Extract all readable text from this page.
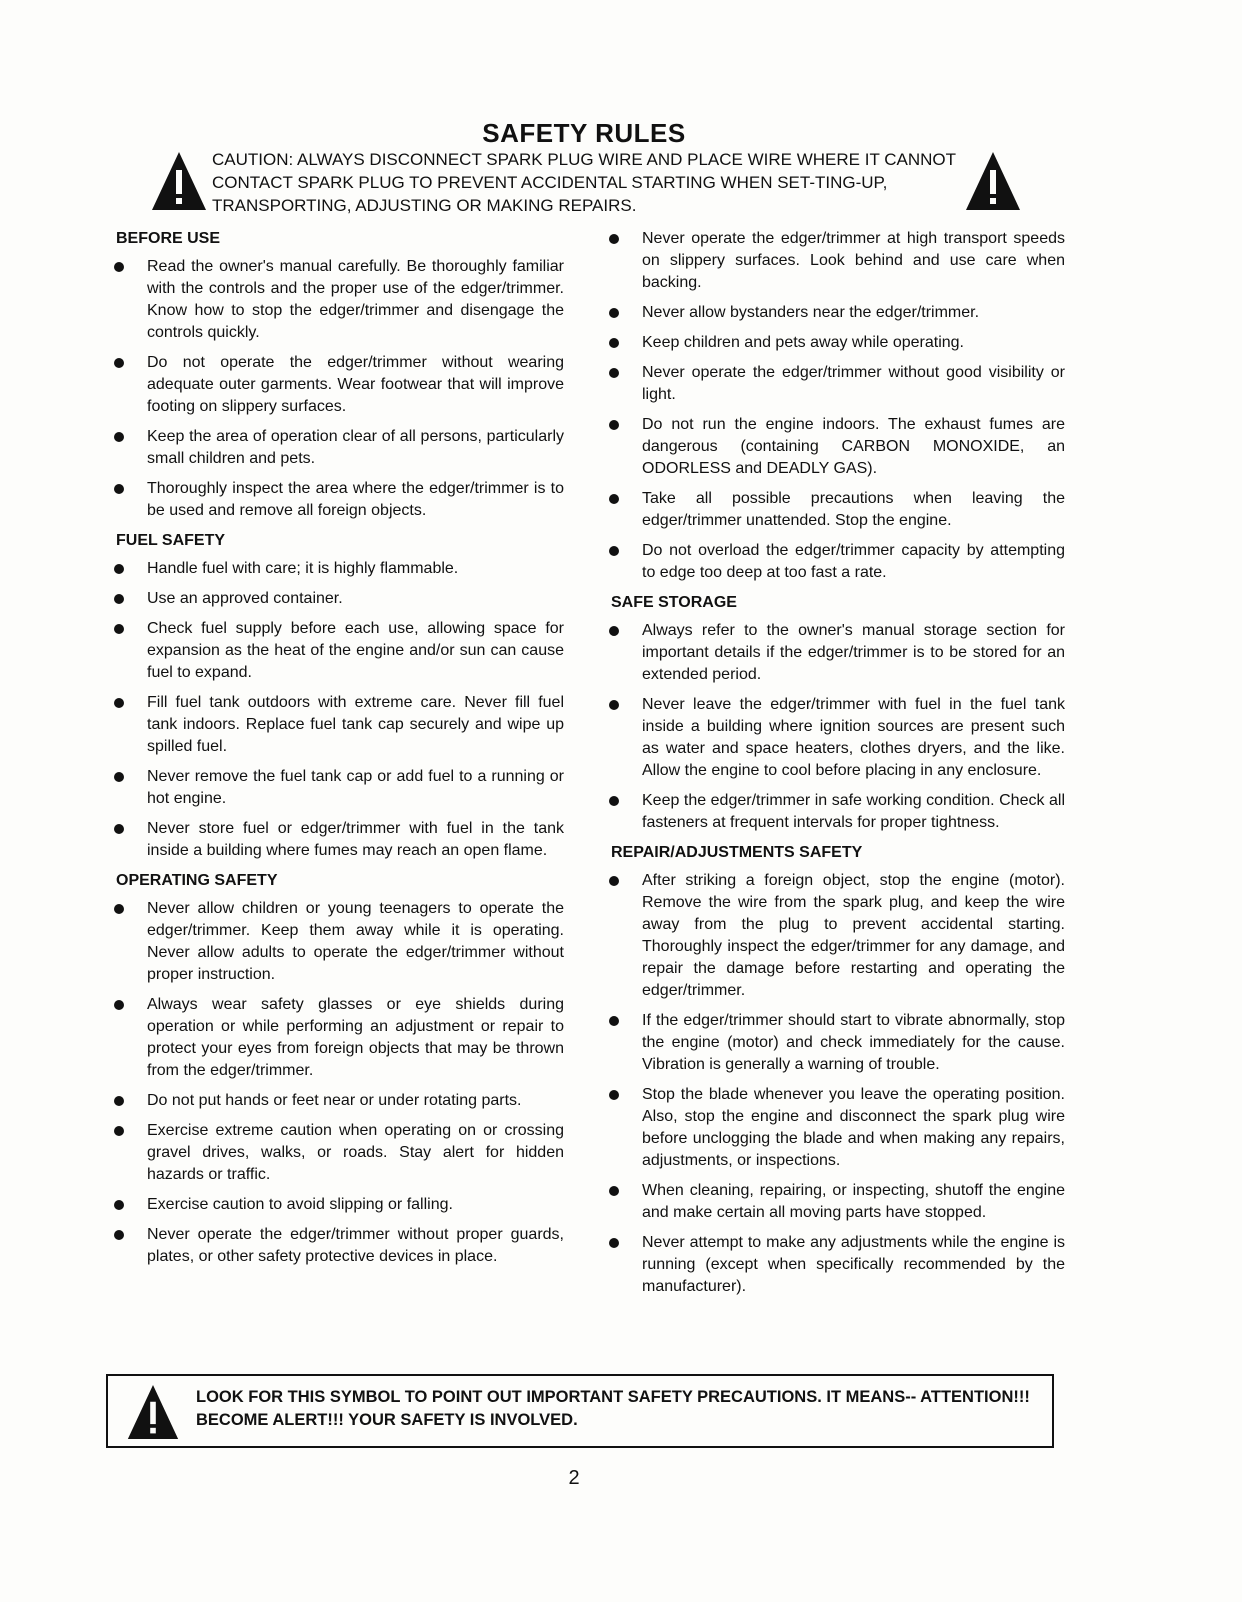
SAFETY RULES
CAUTION: ALWAYS DISCONNECT SPARK PLUG WIRE AND PLACE WIRE WHERE IT CANNOT CONTACT SPARK PLUG TO PREVENT ACCIDENTAL STARTING WHEN SET-TING-UP, TRANSPORTING, ADJUSTING OR MAKING REPAIRS.
BEFORE USE
Read the owner's manual carefully. Be thoroughly familiar with the controls and the proper use of the edger/trimmer. Know how to stop the edger/trimmer and disengage the controls quickly.
Do not operate the edger/trimmer without wearing adequate outer garments. Wear footwear that will improve footing on slippery surfaces.
Keep the area of operation clear of all persons, particularly small children and pets.
Thoroughly inspect the area where the edger/trimmer is to be used and remove all foreign objects.
FUEL SAFETY
Handle fuel with care; it is highly flammable.
Use an approved container.
Check fuel supply before each use, allowing space for expansion as the heat of the engine and/or sun can cause fuel to expand.
Fill fuel tank outdoors with extreme care. Never fill fuel tank indoors. Replace fuel tank cap securely and wipe up spilled fuel.
Never remove the fuel tank cap or add fuel to a running or hot engine.
Never store fuel or edger/trimmer with fuel in the tank inside a building where fumes may reach an open flame.
OPERATING SAFETY
Never allow children or young teenagers to operate the edger/trimmer. Keep them away while it is operating. Never allow adults to operate the edger/trimmer without proper instruction.
Always wear safety glasses or eye shields during operation or while performing an adjustment or repair to protect your eyes from foreign objects that may be thrown from the edger/trimmer.
Do not put hands or feet near or under rotating parts.
Exercise extreme caution when operating on or crossing gravel drives, walks, or roads. Stay alert for hidden hazards or traffic.
Exercise caution to avoid slipping or falling.
Never operate the edger/trimmer without proper guards, plates, or other safety protective devices in place.
Never operate the edger/trimmer at high transport speeds on slippery surfaces. Look behind and use care when backing.
Never allow bystanders near the edger/trimmer.
Keep children and pets away while operating.
Never operate the edger/trimmer without good visibility or light.
Do not run the engine indoors. The exhaust fumes are dangerous (containing CARBON MONOXIDE, an ODORLESS and DEADLY GAS).
Take all possible precautions when leaving the edger/trimmer unattended. Stop the engine.
Do not overload the edger/trimmer capacity by attempting to edge too deep at too fast a rate.
SAFE STORAGE
Always refer to the owner's manual storage section for important details if the edger/trimmer is to be stored for an extended period.
Never leave the edger/trimmer with fuel in the fuel tank inside a building where ignition sources are present such as water and space heaters, clothes dryers, and the like. Allow the engine to cool before placing in any enclosure.
Keep the edger/trimmer in safe working condition. Check all fasteners at frequent intervals for proper tightness.
REPAIR/ADJUSTMENTS SAFETY
After striking a foreign object, stop the engine (motor). Remove the wire from the spark plug, and keep the wire away from the plug to prevent accidental starting. Thoroughly inspect the edger/trimmer for any damage, and repair the damage before restarting and operating the edger/trimmer.
If the edger/trimmer should start to vibrate abnormally, stop the engine (motor) and check immediately for the cause. Vibration is generally a warning of trouble.
Stop the blade whenever you leave the operating position. Also, stop the engine and disconnect the spark plug wire before unclogging the blade and when making any repairs, adjustments, or inspections.
When cleaning, repairing, or inspecting, shutoff the engine and make certain all moving parts have stopped.
Never attempt to make any adjustments while the engine is running (except when specifically recommended by the manufacturer).
LOOK FOR THIS SYMBOL TO POINT OUT IMPORTANT SAFETY PRECAUTIONS. IT MEANS-- ATTENTION!!! BECOME ALERT!!! YOUR SAFETY IS INVOLVED.
2
